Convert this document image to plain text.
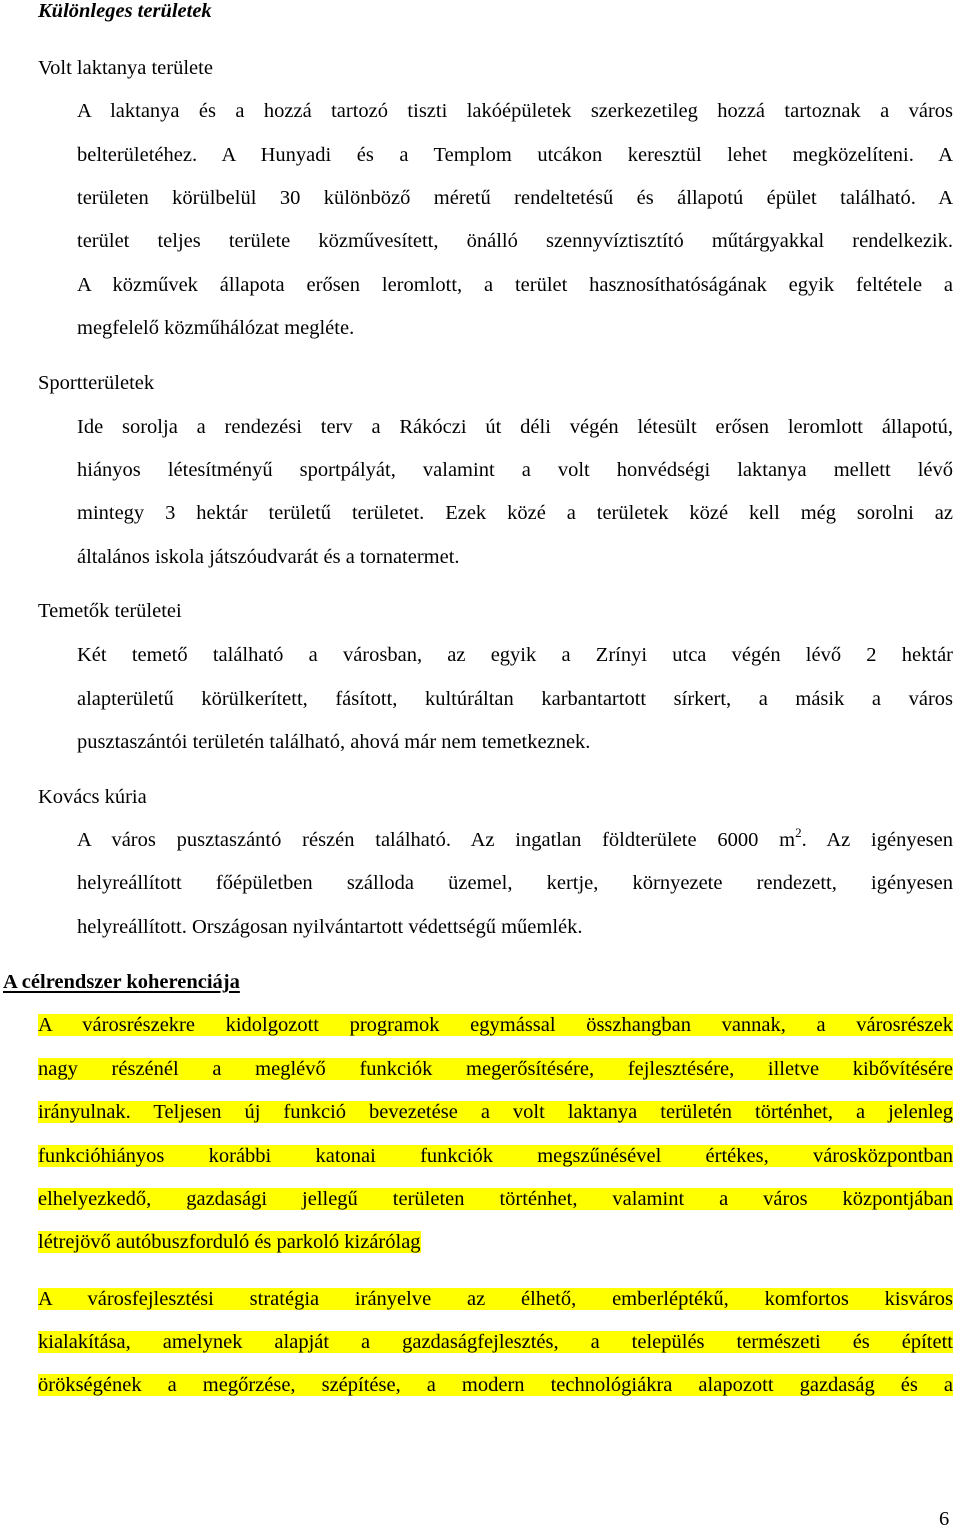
Különleges területek
Volt laktanya területe
A laktanya és a hozzá tartozó tiszti lakóépületek szerkezetileg hozzá tartoznak a város
belterületéhez. A Hunyadi és a Templom utcákon keresztül lehet megközelíteni. A
területen körülbelül 30 különböző méretű rendeltetésű és állapotú épület található. A
terület teljes területe közművesített, önálló szennyvíztisztító műtárgyakkal rendelkezik.
A közművek állapota erősen leromlott, a terület hasznosíthatóságának egyik feltétele a
megfelelő közműhálózat megléte.
Sportterületek
Ide sorolja a rendezési terv a Rákóczi út déli végén létesült erősen leromlott állapotú,
hiányos létesítményű sportpályát, valamint a volt honvédségi laktanya mellett lévő
mintegy 3 hektár területű területet. Ezek közé a területek közé kell még sorolni az
általános iskola játszóudvarát és a tornatermet.
Temetők területei
Két temető található a városban, az egyik a Zrínyi utca végén lévő 2 hektár
alapterületű körülkerített, fásított, kultúráltan karbantartott sírkert, a másik a város
pusztaszántói területén található, ahová már nem temetkeznek.
Kovács kúria
A város pusztaszántó részén található. Az ingatlan földterülete 6000 $m^2$. Az igényesen
helyreállított főépületben szálloda üzemel, kertje, környezete rendezett, igényesen
helyreállított. Országosan nyilvántartott védettségű műemlék.
A célrendszer koherenciája
A városrészekre kidolgozott programok egymással összhangban vannak, a városrészek
nagy részénél a meglévő funkciók megerősítésére, fejlesztésére, illetve kibővítésére
irányulnak. Teljesen új funkció bevezetése a volt laktanya területén történhet, a jelenleg
funkcióhiányos korábbi katonai funkciók megszűnésével értékes, városközpontban
elhelyezkedő, gazdasági jellegű területen történhet, valamint a város központjában
létrejövő autóbuszforduló és parkoló kizárólag
A városfejlesztési stratégia irányelve az élhető, emberléptékű, komfortos kisváros
kialakítása, amelynek alapját a gazdaságfejlesztés, a település természeti és épített
örökségének a megőrzése, szépítése, a modern technológiákra alapozott gazdaság és a
6
